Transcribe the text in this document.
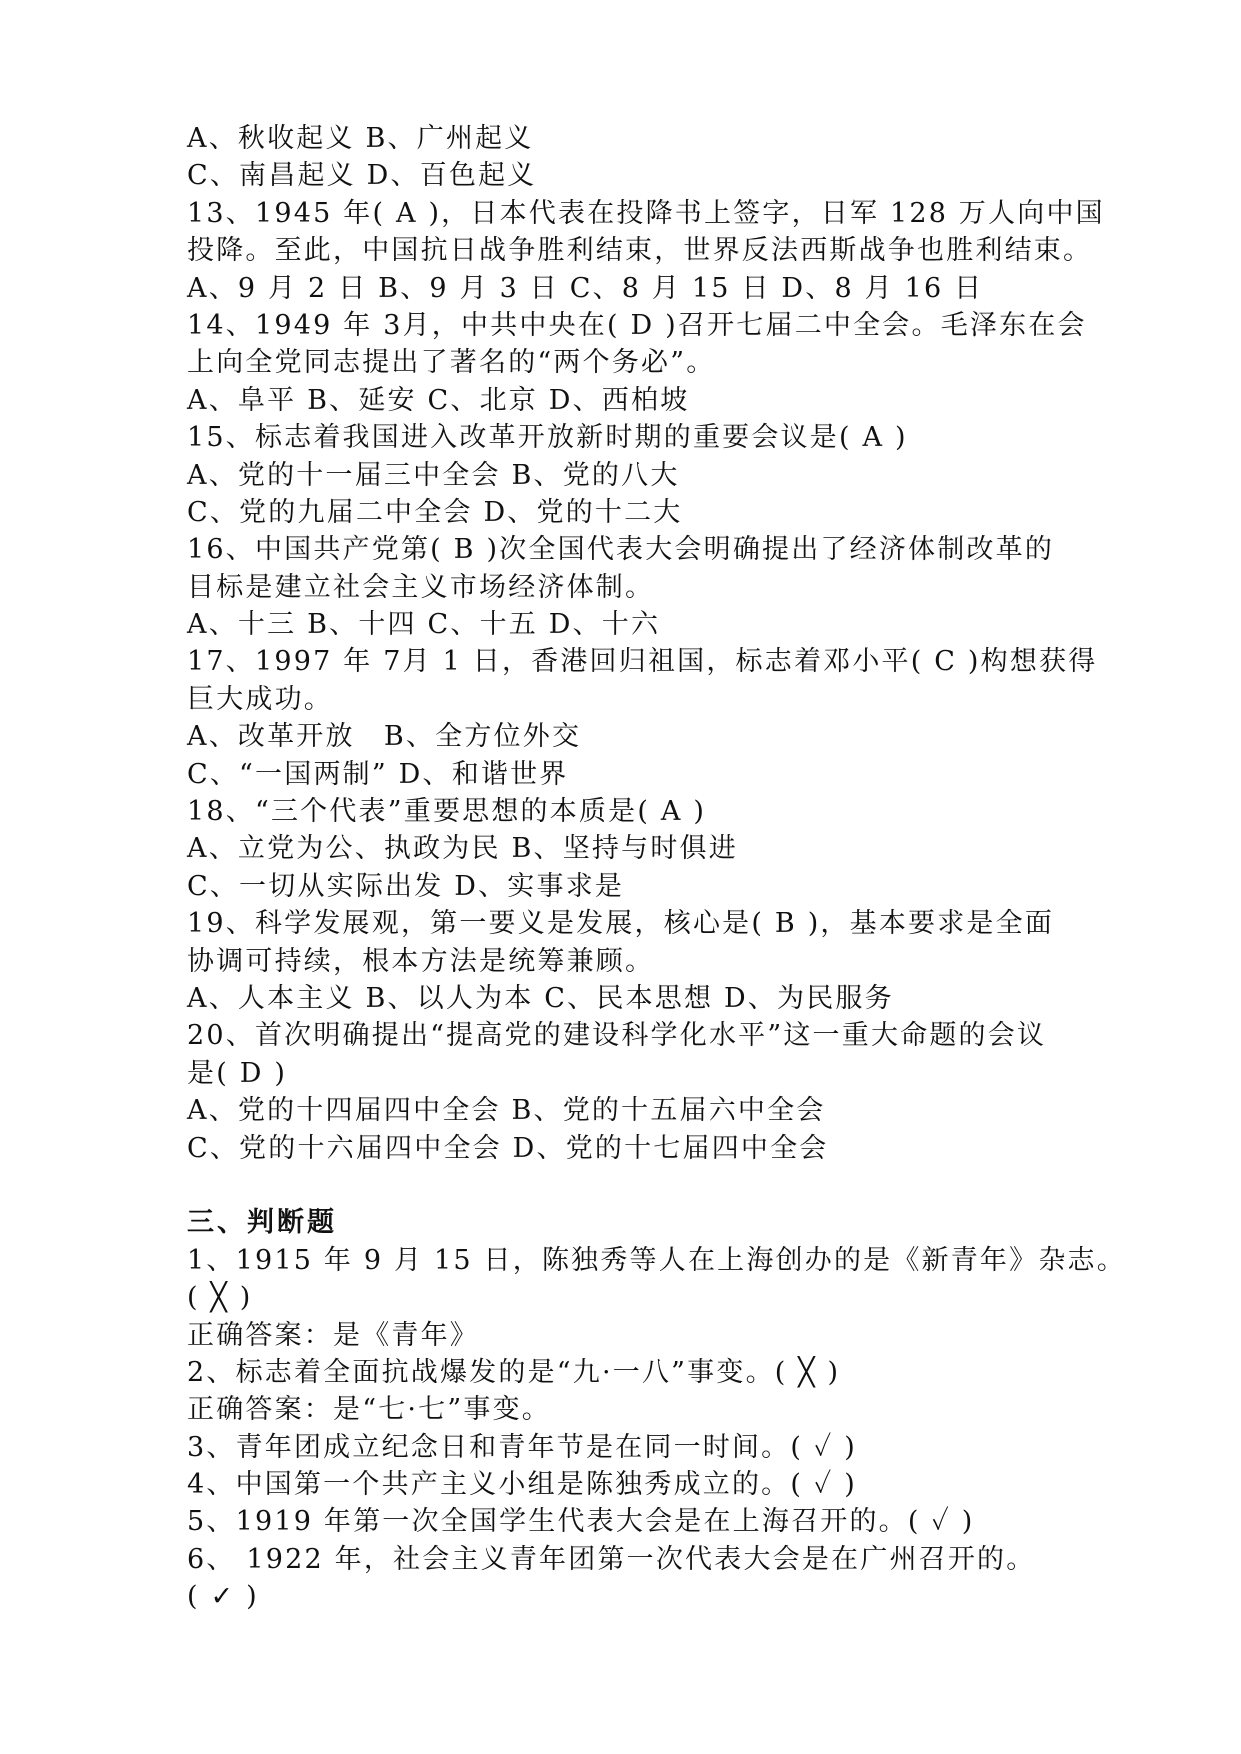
A、秋收起义 B、广州起义
C、南昌起义 D、百色起义
13、1945 年( A )，日本代表在投降书上签字，日军 128 万人向中国
投降。至此，中国抗日战争胜利结束，世界反法西斯战争也胜利结束。
A、9 月 2 日 B、9 月 3 日 C、8 月 15 日 D、8 月 16 日
14、1949 年 3月，中共中央在( D )召开七届二中全会。毛泽东在会
上向全党同志提出了著名的“两个务必”。
A、阜平 B、延安 C、北京 D、西柏坡
15、标志着我国进入改革开放新时期的重要会议是( A )
A、党的十一届三中全会 B、党的八大
C、党的九届二中全会 D、党的十二大
16、中国共产党第( B )次全国代表大会明确提出了经济体制改革的
目标是建立社会主义市场经济体制。
A、十三 B、十四 C、十五 D、十六
17、1997 年 7月 1 日，香港回归祖国，标志着邓小平( C )构想获得
巨大成功。
A、改革开放　B、全方位外交
C、“一国两制” D、和谐世界
18、“三个代表”重要思想的本质是( A )
A、立党为公、执政为民 B、坚持与时俱进
C、一切从实际出发 D、实事求是
19、科学发展观，第一要义是发展，核心是( B )，基本要求是全面
协调可持续，根本方法是统筹兼顾。
A、人本主义 B、以人为本 C、民本思想 D、为民服务
20、首次明确提出“提高党的建设科学化水平”这一重大命题的会议
是( D )
A、党的十四届四中全会 B、党的十五届六中全会
C、党的十六届四中全会 D、党的十七届四中全会
三、判断题
1、1915 年 9 月 15 日，陈独秀等人在上海创办的是《新青年》杂志。
( ╳ )
正确答案：是《青年》
2、标志着全面抗战爆发的是“九·一八”事变。( ╳ )
正确答案：是“七·七”事变。
3、青年团成立纪念日和青年节是在同一时间。( ✓ )
4、中国第一个共产主义小组是陈独秀成立的。( ✓ )
5、1919 年第一次全国学生代表大会是在上海召开的。( ✓ )
6、 1922 年，社会主义青年团第一次代表大会是在广州召开的。
( ✓ )
